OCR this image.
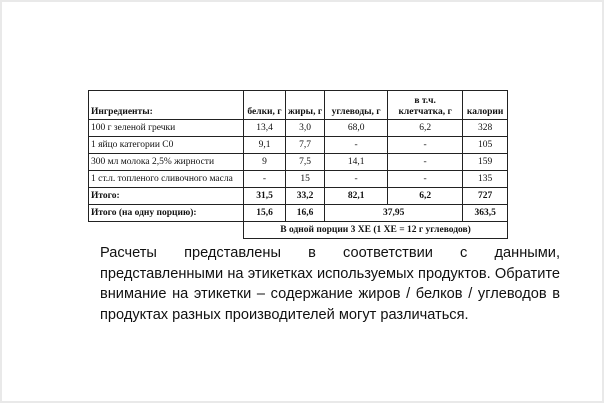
Ингредиенты:	белки, г	жиры, г	углеводы, г	в т.ч. клетчатка, г	калории
100 г зеленой гречки	13,4	3,0	68,0	6,2	328
1 яйцо категории С0	9,1	7,7	-	-	105
300 мл молока 2,5% жирности	9	7,5	14,1	-	159
1 ст.л. топленого сливочного масла	-	15	-	-	135
Итого:	31,5	33,2	82,1	6,2	727
Итого (на одну порцию):	15,6	16,6	37,95		363,5
	В одной порции 3 ХЕ (1 ХЕ = 12 г углеводов)				
Расчеты представлены в соответствии с данными, представленными на этикетках используемых продуктов. Обратите внимание на этикетки – содержание жиров / белков / углеводов в продуктах разных производителей могут различаться.
